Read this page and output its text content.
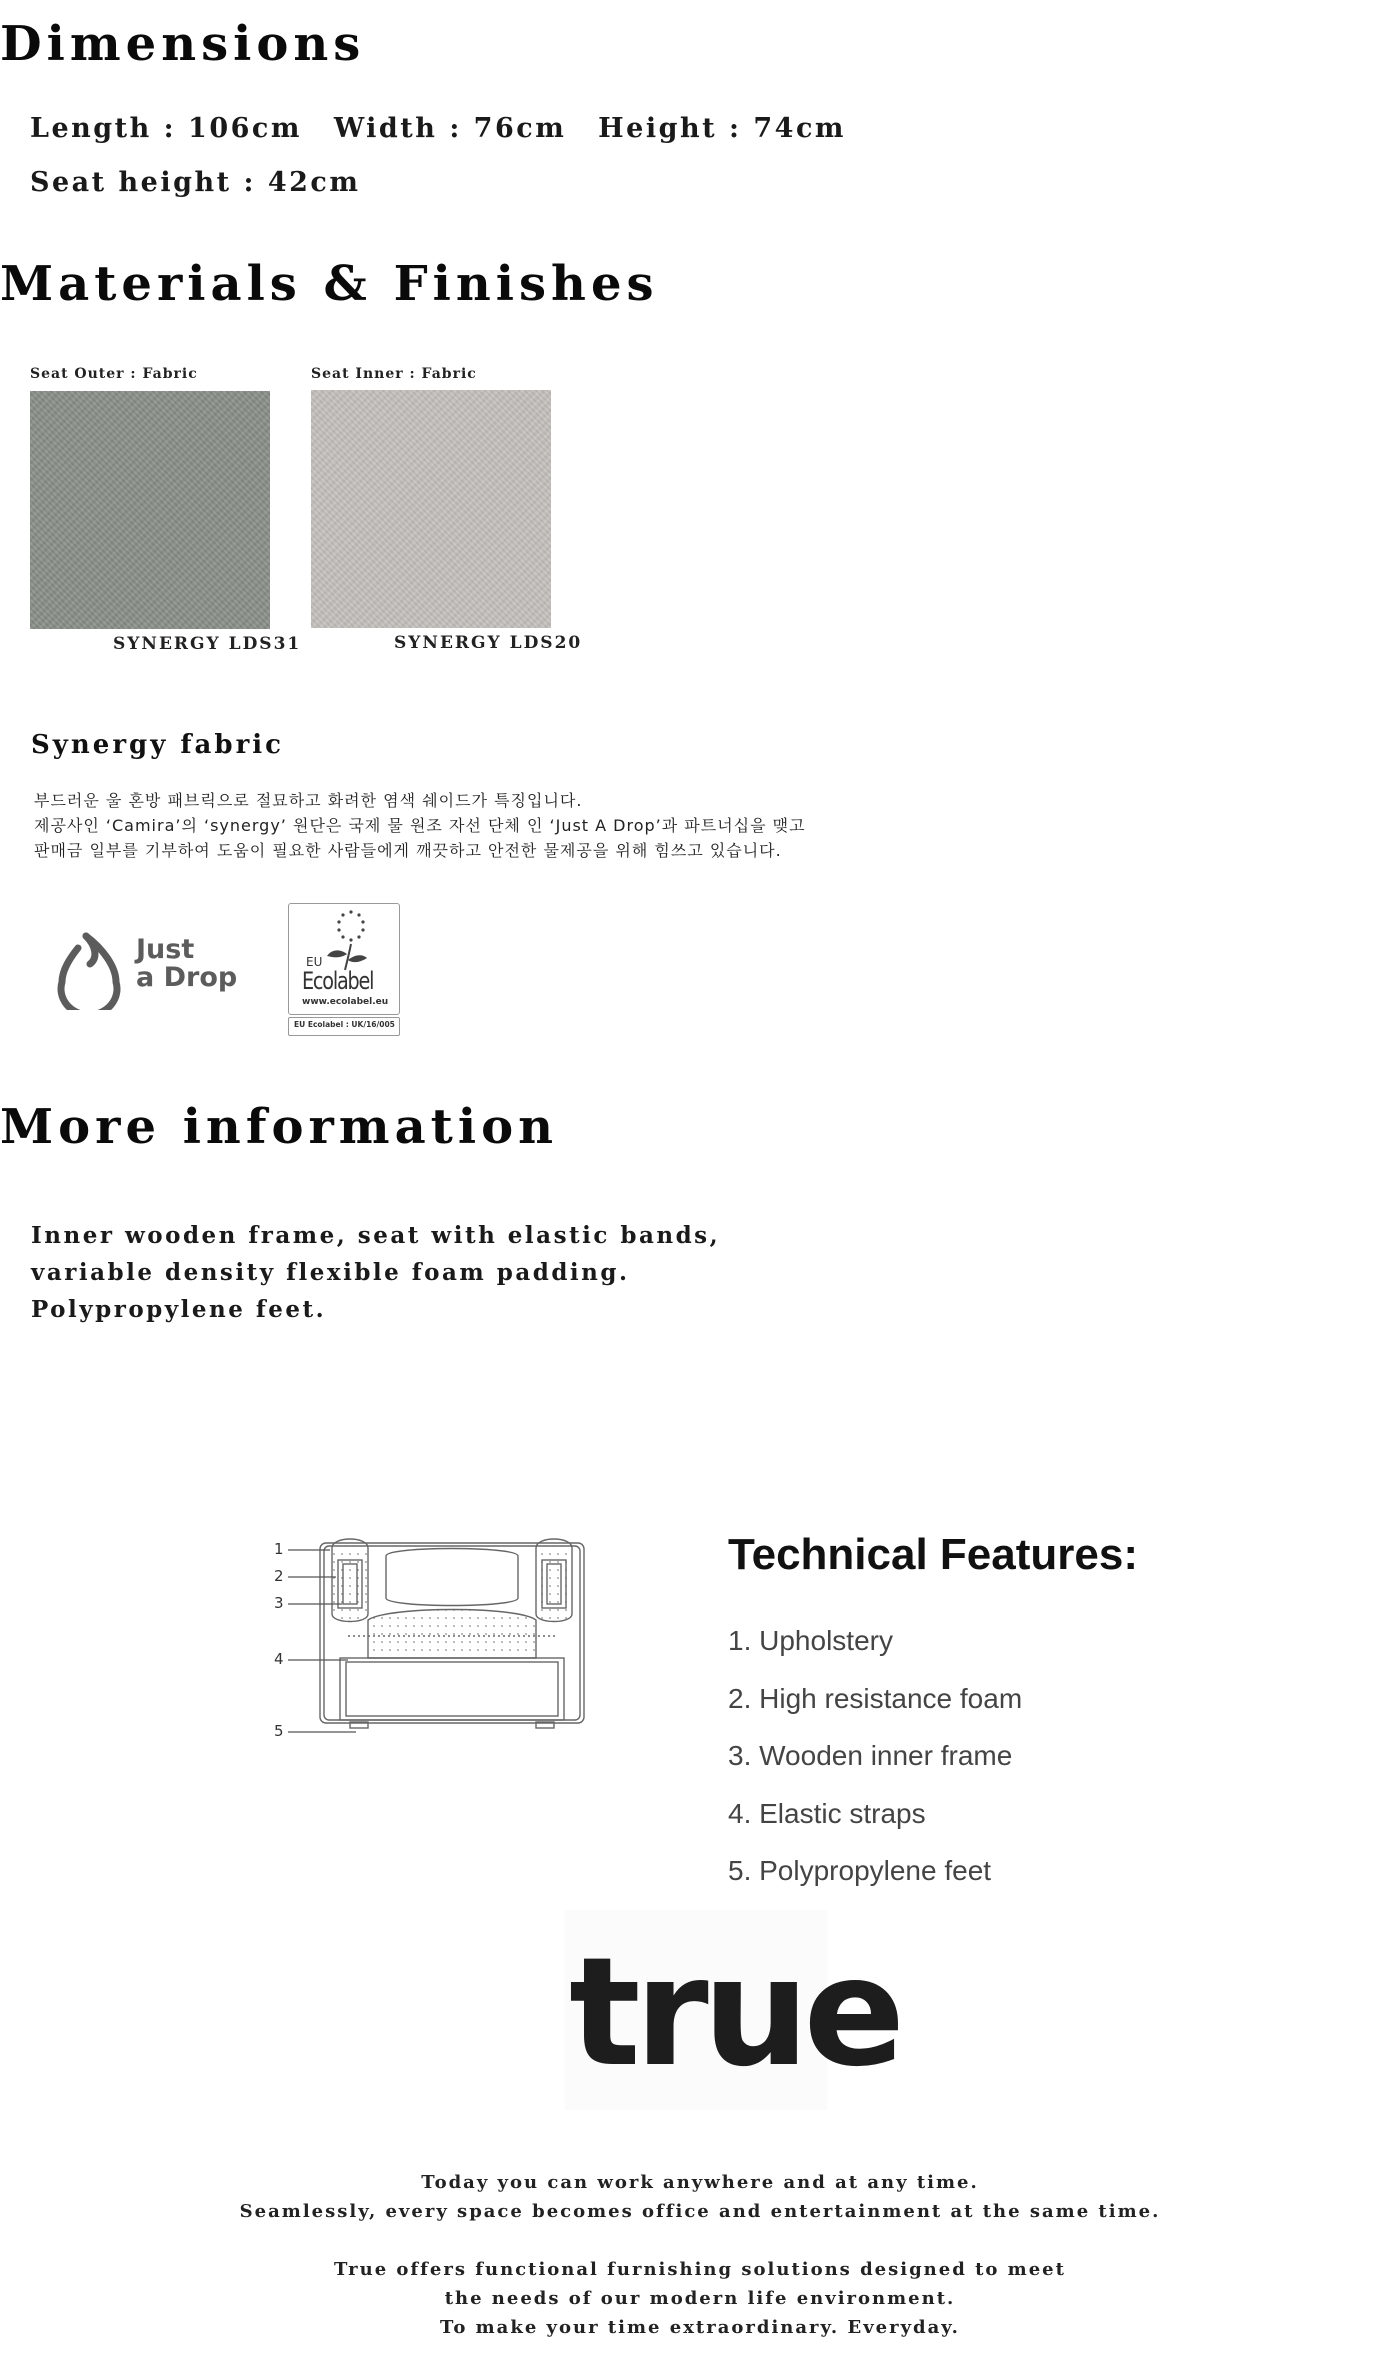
Dimensions
Length : 106cm Width : 76cm Height : 74cm
Seat height : 42cm
Materials & Finishes
Seat Outer : Fabric
SYNERGY LDS31
Seat Inner : Fabric
SYNERGY LDS20
Synergy fabric
부드러운 울 혼방 패브릭으로 절묘하고 화려한 염색 쉐이드가 특징입니다.
제공사인 ‘Camira’의 ‘synergy’ 원단은 국제 물 원조 자선 단체 인 ‘Just A Drop’과 파트너십을 맺고
판매금 일부를 기부하여 도움이 필요한 사람들에게 깨끗하고 안전한 물제공을 위해 힘쓰고 있습니다.
Just
a Drop	EU
Ecolabel
www.ecolabel.eu
EU Ecolabel : UK/16/005
More information
Inner wooden frame, seat with elastic bands,
variable density flexible foam padding.
Polypropylene feet.
1
2
3
4
5
Technical Features:
1. Upholstery
2. High resistance foam
3. Wooden inner frame
4. Elastic straps
5. Polypropylene feet
true
Today you can work anywhere and at any time.
Seamlessly, every space becomes office and entertainment at the same time.
True offers functional furnishing solutions designed to meet
the needs of our modern life environment.
To make your time extraordinary. Everyday.
